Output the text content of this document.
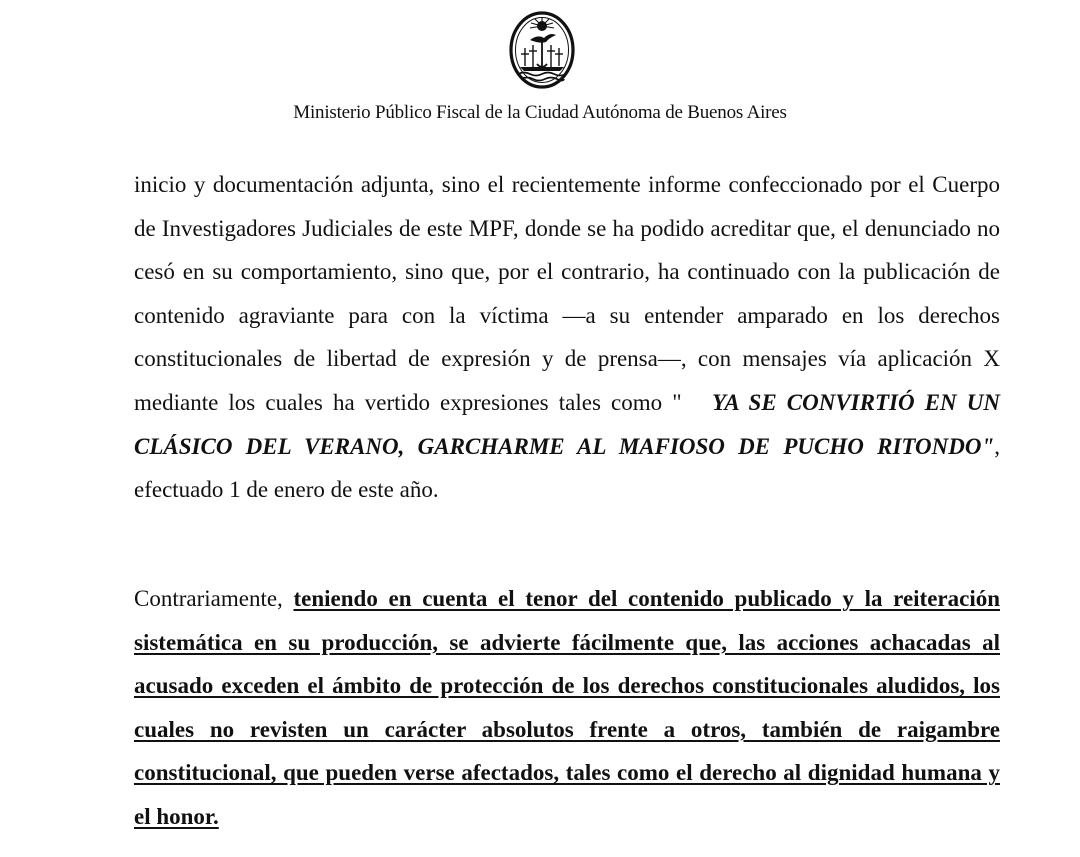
Ministerio Público Fiscal de la Ciudad Autónoma de Buenos Aires

inicio y documentación adjunta, sino el recientemente informe confeccionado por el Cuerpo de Investigadores Judiciales de este MPF, donde se ha podido acreditar que, el denunciado no cesó en su comportamiento, sino que, por el contrario, ha continuado con la publicación de contenido agraviante para con la víctima —a su entender amparado en los derechos constitucionales de libertad de expresión y de prensa—, con mensajes vía aplicación X mediante los cuales ha vertido expresiones tales como " YA SE CONVIRTIÓ EN UN CLÁSICO DEL VERANO, GARCHARME AL MAFIOSO DE PUCHO RITONDO", efectuado 1 de enero de este año.

Contrariamente, teniendo en cuenta el tenor del contenido publicado y la reiteración sistemática en su producción, se advierte fácilmente que, las acciones achacadas al acusado exceden el ámbito de protección de los derechos constitucionales aludidos, los cuales no revisten un carácter absolutos frente a otros, también de raigambre constitucional, que pueden verse afectados, tales como el derecho al dignidad humana y el honor.
